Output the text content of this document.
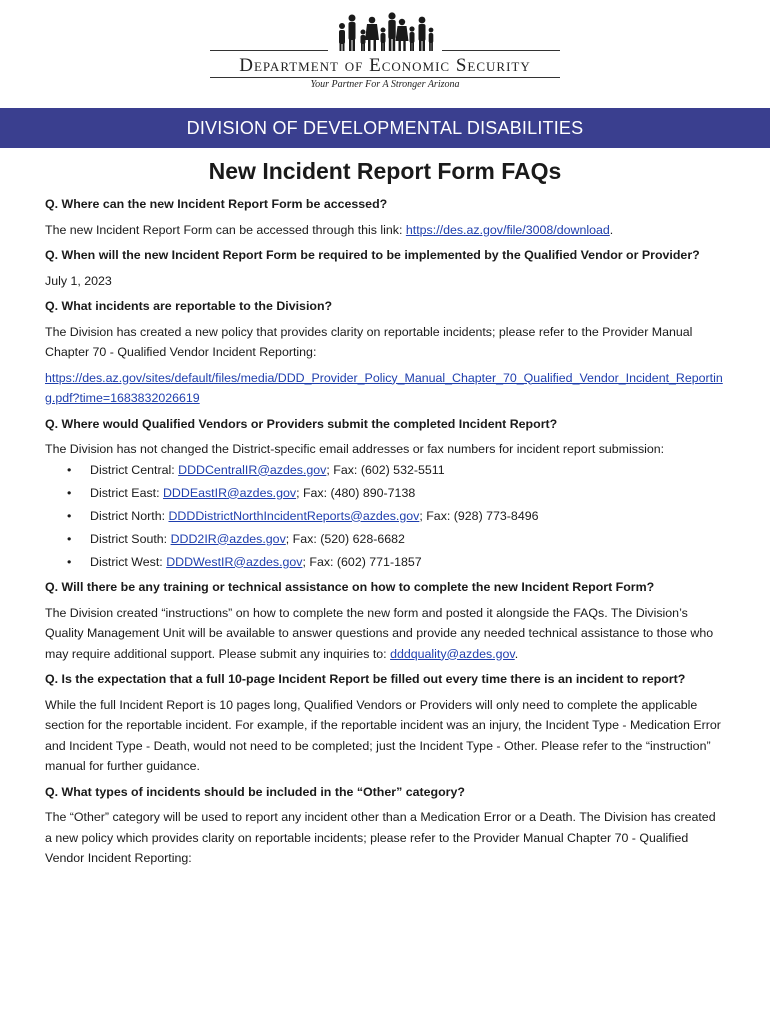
Department of Economic Security
Your Partner For A Stronger Arizona
DIVISION OF DEVELOPMENTAL DISABILITIES
New Incident Report Form FAQs

Q. Where can the new Incident Report Form be accessed?

The new Incident Report Form can be accessed through this link: https://des.az.gov/file/3008/download.

Q. When will the new Incident Report Form be required to be implemented by the Qualified Vendor or Provider?

July 1, 2023

Q. What incidents are reportable to the Division?

The Division has created a new policy that provides clarity on reportable incidents; please refer to the Provider Manual Chapter 70 - Qualified Vendor Incident Reporting:

https://des.az.gov/sites/default/files/media/DDD_Provider_Policy_Manual_Chapter_70_Qualified_Vendor_Incident_Reporting.pdf?time=1683832026619

Q. Where would Qualified Vendors or Providers submit the completed Incident Report?

The Division has not changed the District-specific email addresses or fax numbers for incident report submission:

• District Central: DDDCentralIR@azdes.gov; Fax: (602) 532-5511
• District East: DDDEastIR@azdes.gov; Fax: (480) 890-7138
• District North: DDDDistrictNorthIncidentReports@azdes.gov; Fax: (928) 773-8496
• District South: DDD2IR@azdes.gov; Fax: (520) 628-6682
• District West: DDDWestIR@azdes.gov; Fax: (602) 771-1857

Q. Will there be any training or technical assistance on how to complete the new Incident Report Form?

The Division created “instructions” on how to complete the new form and posted it alongside the FAQs. The Division’s Quality Management Unit will be available to answer questions and provide any needed technical assistance to those who may require additional support. Please submit any inquiries to: dddquality@azdes.gov.

Q. Is the expectation that a full 10-page Incident Report be filled out every time there is an incident to report?

While the full Incident Report is 10 pages long, Qualified Vendors or Providers will only need to complete the applicable section for the reportable incident. For example, if the reportable incident was an injury, the Incident Type - Medication Error and Incident Type - Death, would not need to be completed; just the Incident Type - Other. Please refer to the “instruction” manual for further guidance.

Q. What types of incidents should be included in the “Other” category?

The “Other” category will be used to report any incident other than a Medication Error or a Death. The Division has created a new policy which provides clarity on reportable incidents; please refer to the Provider Manual Chapter 70 - Qualified Vendor Incident Reporting:
